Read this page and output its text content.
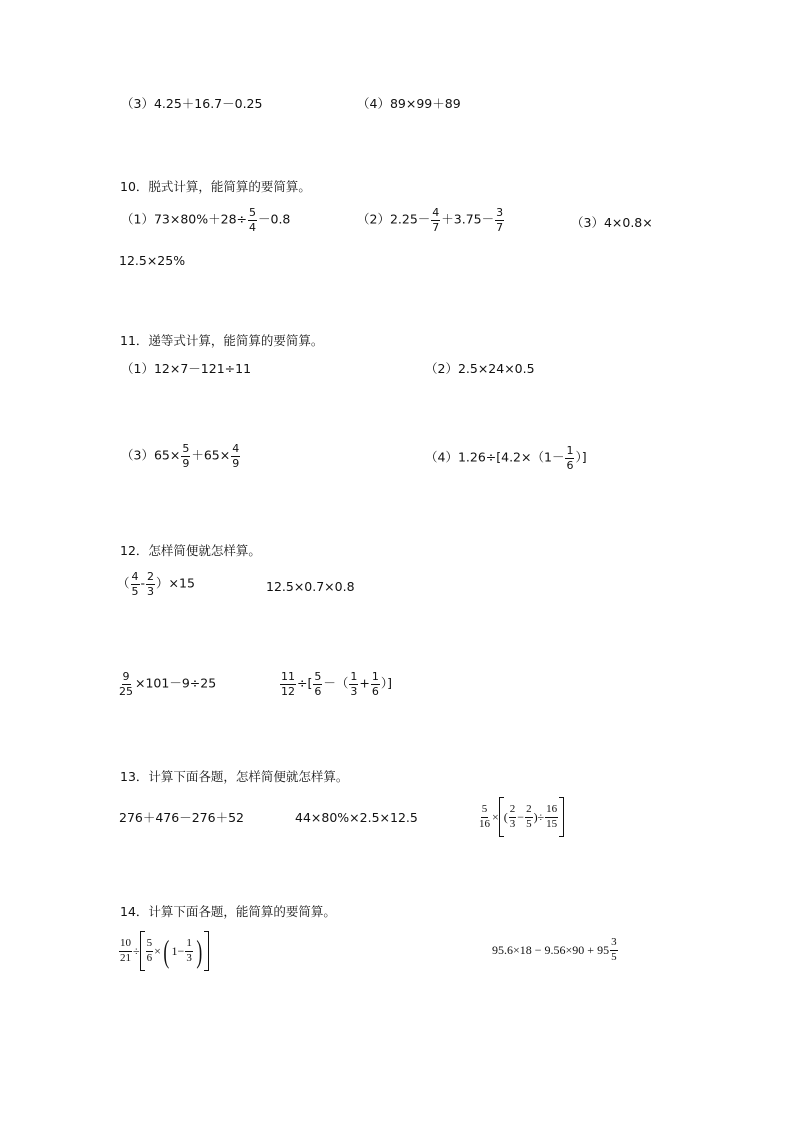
（3）4.25＋16.7－0.25	（4）89×99＋89
10．脱式计算，能简算的要简算。
$(1)73\times 80\%+28\div \frac{5}{4} -0.8$	$(2)2.25- \frac{4}{7} +3.75- \frac{3}{7}$	（3）4×0.8×
12.5×25%
11．递等式计算，能简算的要简算。
（1）12×7－121÷11	（2）2.5×24×0.5
$(3)65\times \frac{5}{9} +65\times \frac{4}{9}$	$(4)1.26\div[4.2\times(1- \frac{1}{6}$ ）]
12．怎样简便就怎样算。
（ $\frac{4}{5} - \frac{2}{3} )\times 15$	12.5×0.7×0.8
$\frac{9}{25} \times 101-9\div 25$	$\frac{11}{12}$ ÷[ $\frac{5}{6}$ －（ $\frac{1}{3} + \frac{1}{6}$ ）]
13．计算下面各题，怎样简便就怎样算。
276＋476－276＋52	44×80%×2.5×12.5	$\frac{5}{16}$ × ( $\frac{2}{3} - \frac{2}{5}$ )÷ $\frac{16}{15}$
14．计算下面各题，能简算的要简算。
$\frac{10}{21} \div \frac{5}{6}$ ×( $1- \frac{1}{3}$ )	$95.6\times 18 - 9.56\times 90 + 95 \frac{3}{5}$
